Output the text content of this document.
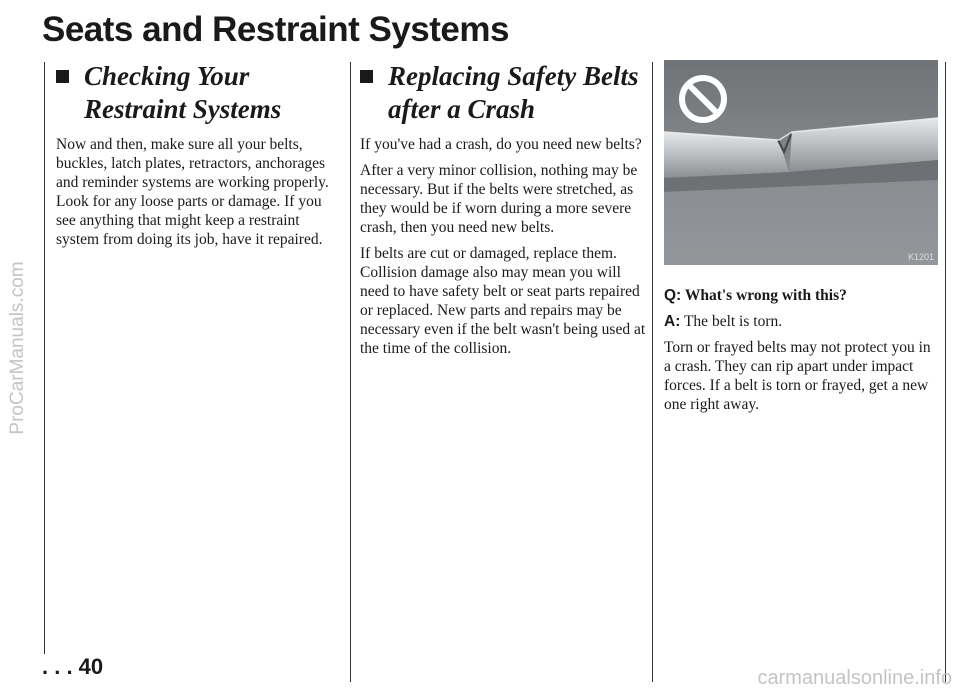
Seats and Restraint Systems
Checking Your
Restraint Systems

Now and then, make sure all your belts, buckles, latch plates, retractors, anchorages and reminder systems are working properly. Look for any loose parts or damage. If you see anything that might keep a restraint system from doing its job, have it repaired.

Replacing Safety Belts
after a Crash

If you've had a crash, do you need new belts?

After a very minor collision, nothing may be necessary. But if the belts were stretched, as they would be if worn during a more severe crash, then you need new belts.

If belts are cut or damaged, replace them. Collision damage also may mean you will need to have safety belt or seat parts repaired or replaced. New parts and repairs may be necessary even if the belt wasn't being used at the time of the collision.

K1201

Q: What's wrong with this?

A: The belt is torn.

Torn or frayed belts may not protect you in a crash. They can rip apart under impact forces. If a belt is torn or frayed, get a new one right away.

. . . 40
ProCarManuals.com
carmanualsonline.info
